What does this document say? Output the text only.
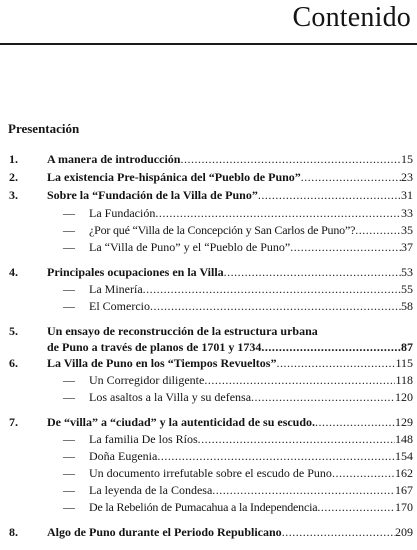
Contenido
Presentación
1. A manera de introducción .....	15
2. La existencia Pre-hispánica del “Pueblo de Puno” .....	23
3. Sobre la “Fundación de la Villa de Puno” .....	31
— La Fundación .....	33
— ¿Por qué “Villa de la Concepción y San Carlos de Puno”? .....	35
— La “Villa de Puno” y el “Pueblo de Puno” .....	37
4. Principales ocupaciones en la Villa .....	53
— La Minería .....	55
— El Comercio .....	58
5. Un ensayo de reconstrucción de la estructura urbana
de Puno a través de planos de 1701 y 1734 .....	87
6. La Villa de Puno en los “Tiempos Revueltos” .....	115
— Un Corregidor diligente .....	118
— Los asaltos a la Villa y su defensa .....	120
7. De “villa” a “ciudad” y la autenticidad de su escudo. .....	129
— La familia De los Ríos .....	148
— Doña Eugenia .....	154
— Un documento irrefutable sobre el escudo de Puno .....	162
— La leyenda de la Condesa .....	167
— De la Rebelión de Pumacahua a la Independencia .....	170
8. Algo de Puno durante el Periodo Republicano .....	209
